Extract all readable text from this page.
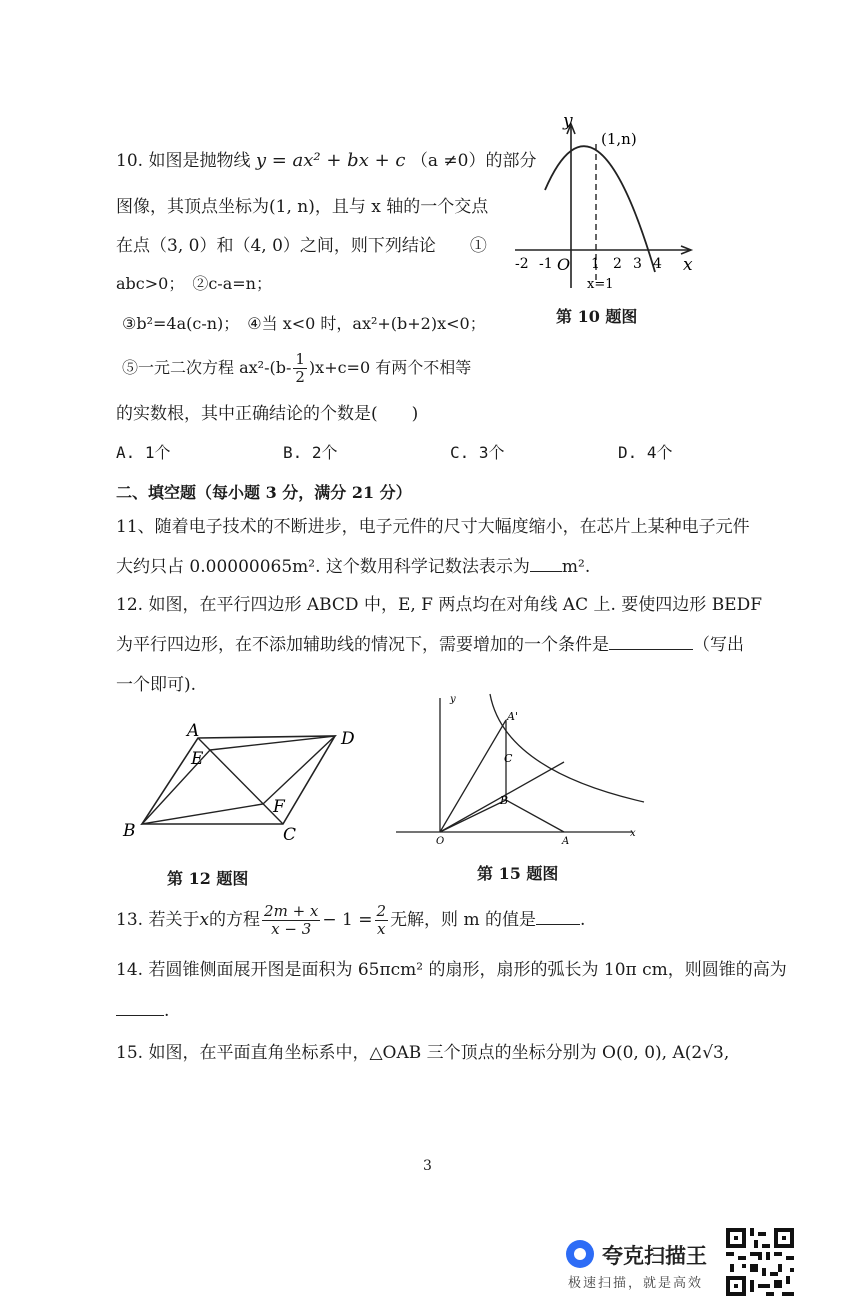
10. 如图是抛物线 y = ax² + bx + c （a ≠0）的部分
图像，其顶点坐标为(1, n)，且与 x 轴的一个交点
在点（3, 0）和（4, 0）之间，则下列结论　　①
abc>0；　②c-a=n；
③b²=4a(c-n)；　④当 x<0 时，ax²+(b+2)x<0；
⑤一元二次方程 $ax^2-(b- \frac{1}{2} )x+c=0$ 有两个不相等
的实数根，其中正确结论的个数是(　　)
A. 1个	B. 2个	C. 3个	D. 4个
y
x
(1,n)
-2 -1 O 1 2 3 4
x=1
第 10 题图
二、填空题（每小题 3 分，满分 21 分）
11、随着电子技术的不断进步，电子元件的尺寸大幅度缩小，在芯片上某种电子元件
大约只占 0.00000065m². 这个数用科学记数法表示为 m².
12. 如图，在平行四边形 ABCD 中，E, F 两点均在对角线 AC 上. 要使四边形 BEDF
为平行四边形，在不添加辅助线的情况下，需要增加的一个条件是	（写出
一个即可).
A	D
E
F
B	C
第 12 题图
y
A'
C
B
O	A
x
第 15 题图
13. 若关于x的方程 $\frac{2m + x}{x - 3} - 1 = \frac{2}{x}$ 无解，则 m 的值是	.
14. 若圆锥侧面展开图是面积为 65πcm² 的扇形，扇形的弧长为 10π cm，则圆锥的高为
.
15. 如图，在平面直角坐标系中，△OAB 三个顶点的坐标分别为 O(0, 0), A(2√3,
3
夸克扫描王
极速扫描，就是高效
